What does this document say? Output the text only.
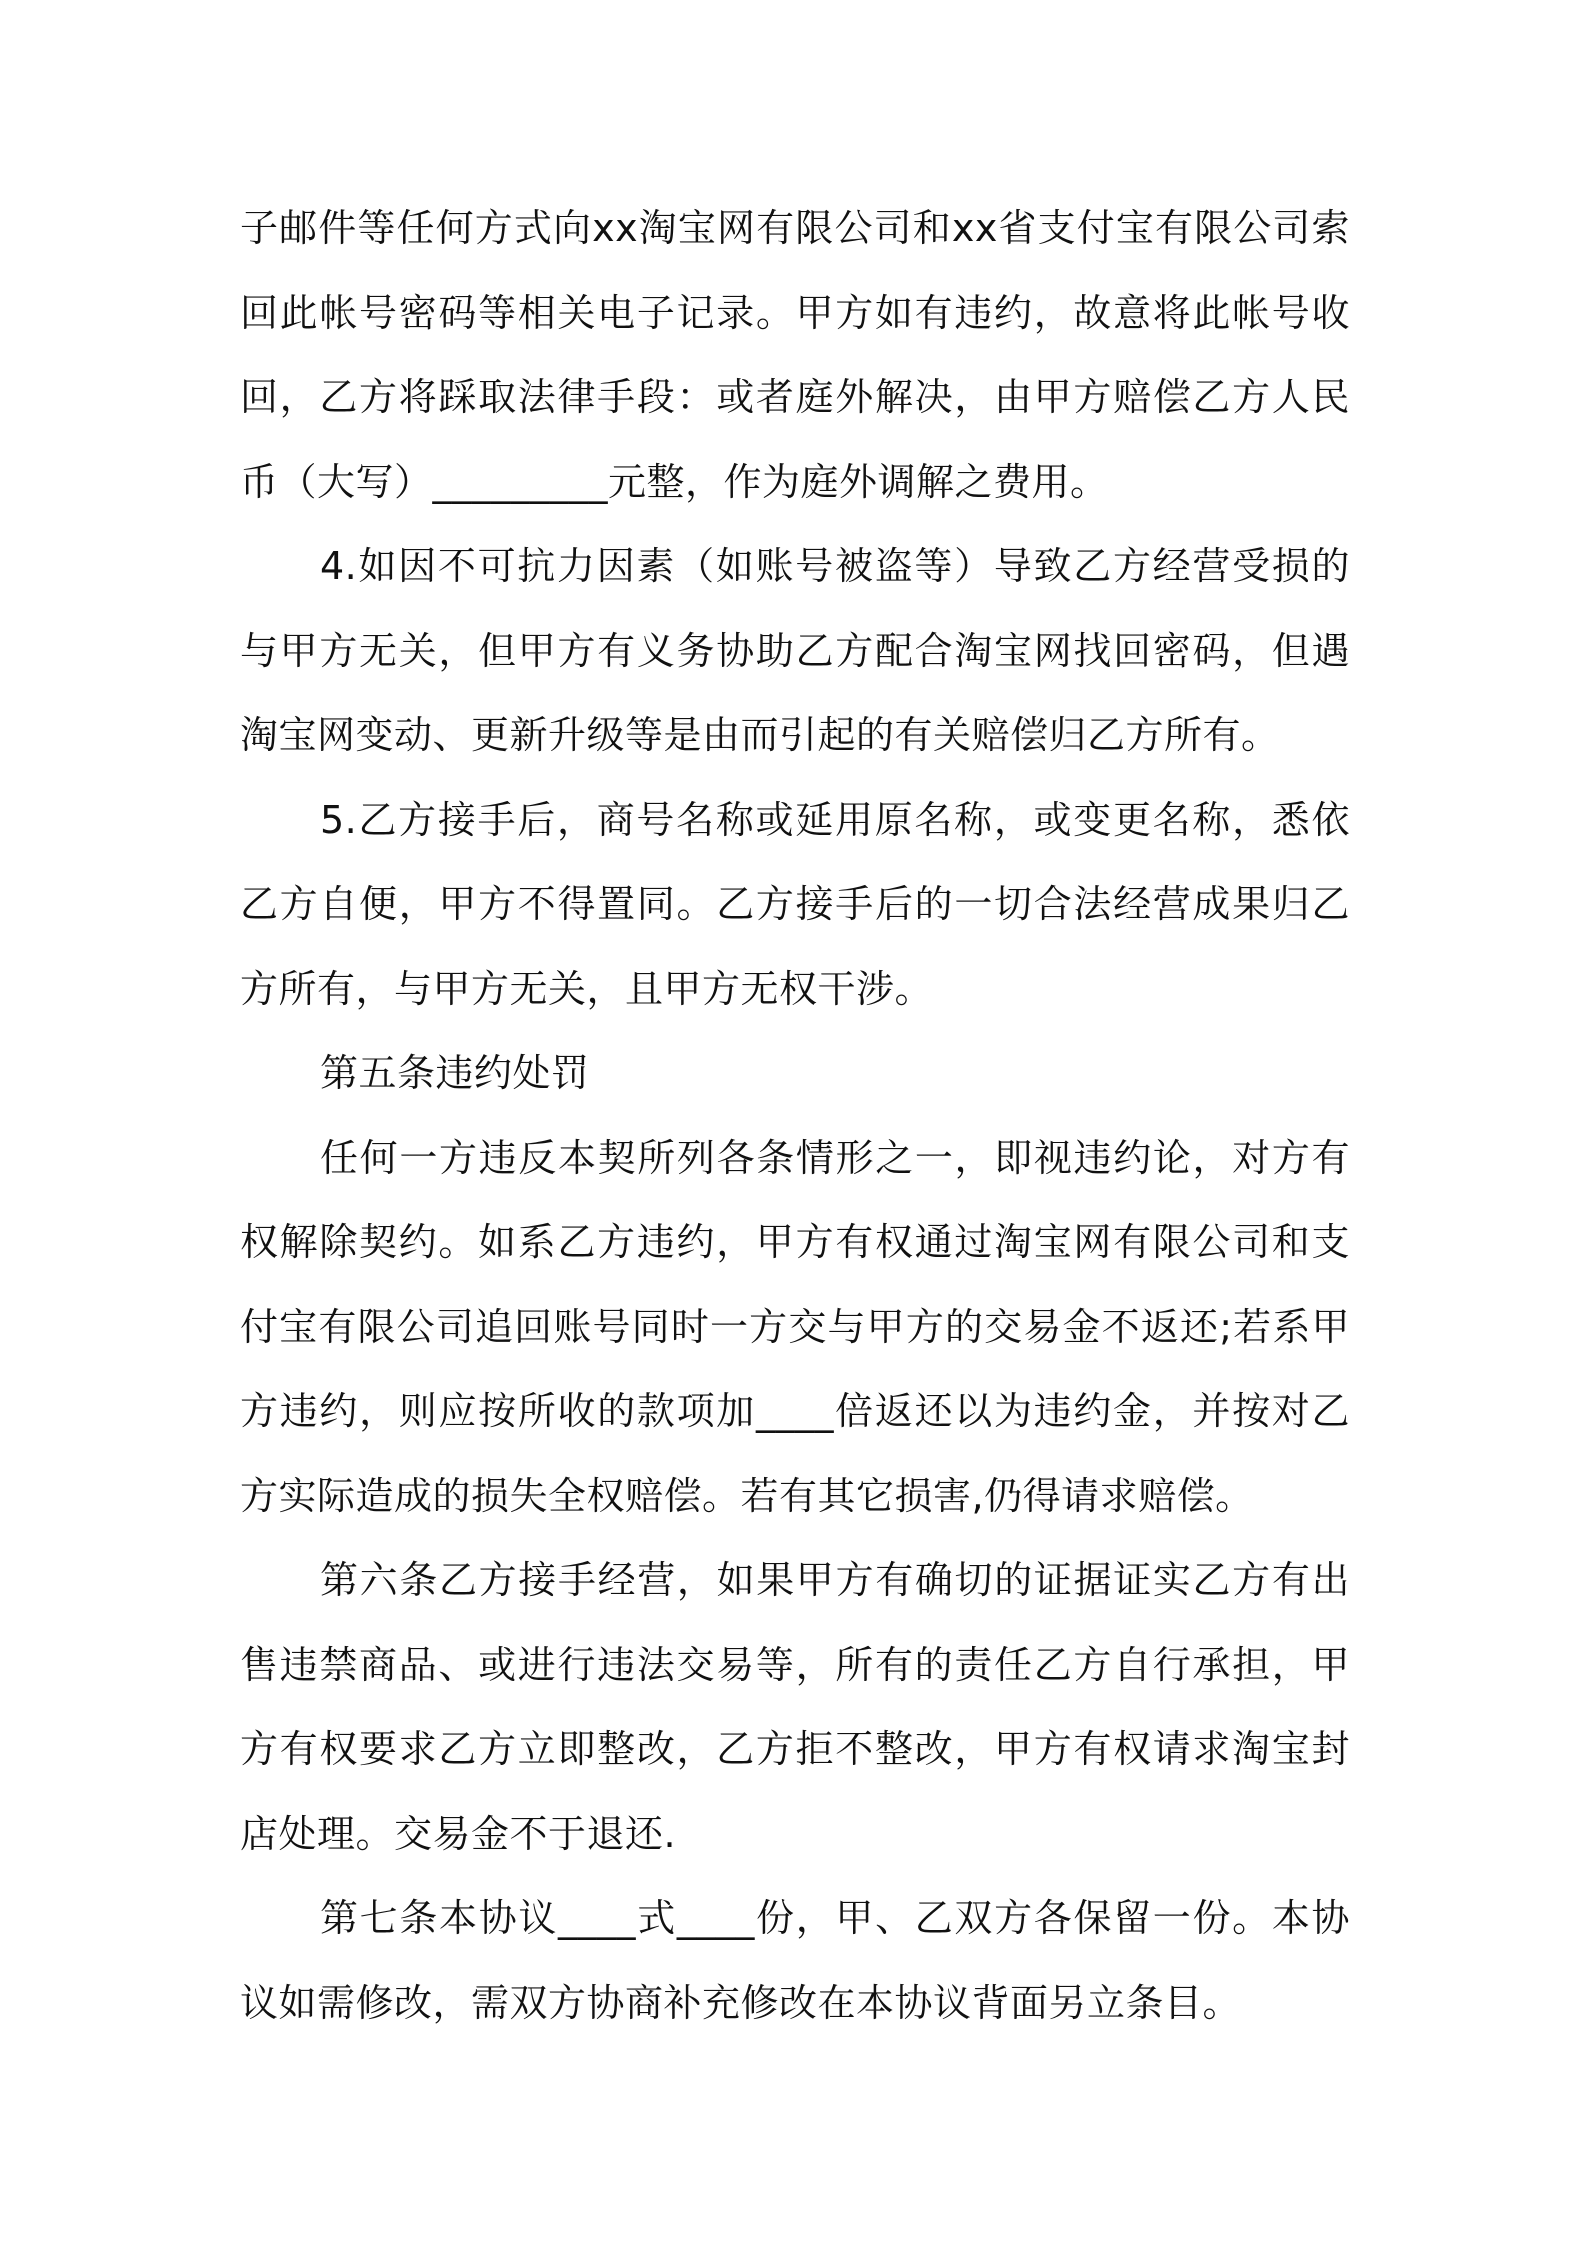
子邮件等任何方式向xx淘宝网有限公司和xx省支付宝有限公司索回此帐号密码等相关电子记录。甲方如有违约，故意将此帐号收回，乙方将踩取法律手段：或者庭外解决，由甲方赔偿乙方人民币（大写）_________元整，作为庭外调解之费用。

4.如因不可抗力因素（如账号被盗等）导致乙方经营受损的与甲方无关，但甲方有义务协助乙方配合淘宝网找回密码，但遇淘宝网变动、更新升级等是由而引起的有关赔偿归乙方所有。

5.乙方接手后，商号名称或延用原名称，或变更名称，悉依乙方自便，甲方不得置同。乙方接手后的一切合法经营成果归乙方所有，与甲方无关，且甲方无权干涉。

第五条违约处罚

任何一方违反本契所列各条情形之一，即视违约论，对方有权解除契约。如系乙方违约，甲方有权通过淘宝网有限公司和支付宝有限公司追回账号同时一方交与甲方的交易金不返还;若系甲方违约，则应按所收的款项加____倍返还以为违约金，并按对乙方实际造成的损失全权赔偿。若有其它损害,仍得请求赔偿。

第六条乙方接手经营，如果甲方有确切的证据证实乙方有出售违禁商品、或进行违法交易等，所有的责任乙方自行承担，甲方有权要求乙方立即整改，乙方拒不整改，甲方有权请求淘宝封店处理。交易金不于退还.

第七条本协议____式____份，甲、乙双方各保留一份。本协议如需修改，需双方协商补充修改在本协议背面另立条目。
